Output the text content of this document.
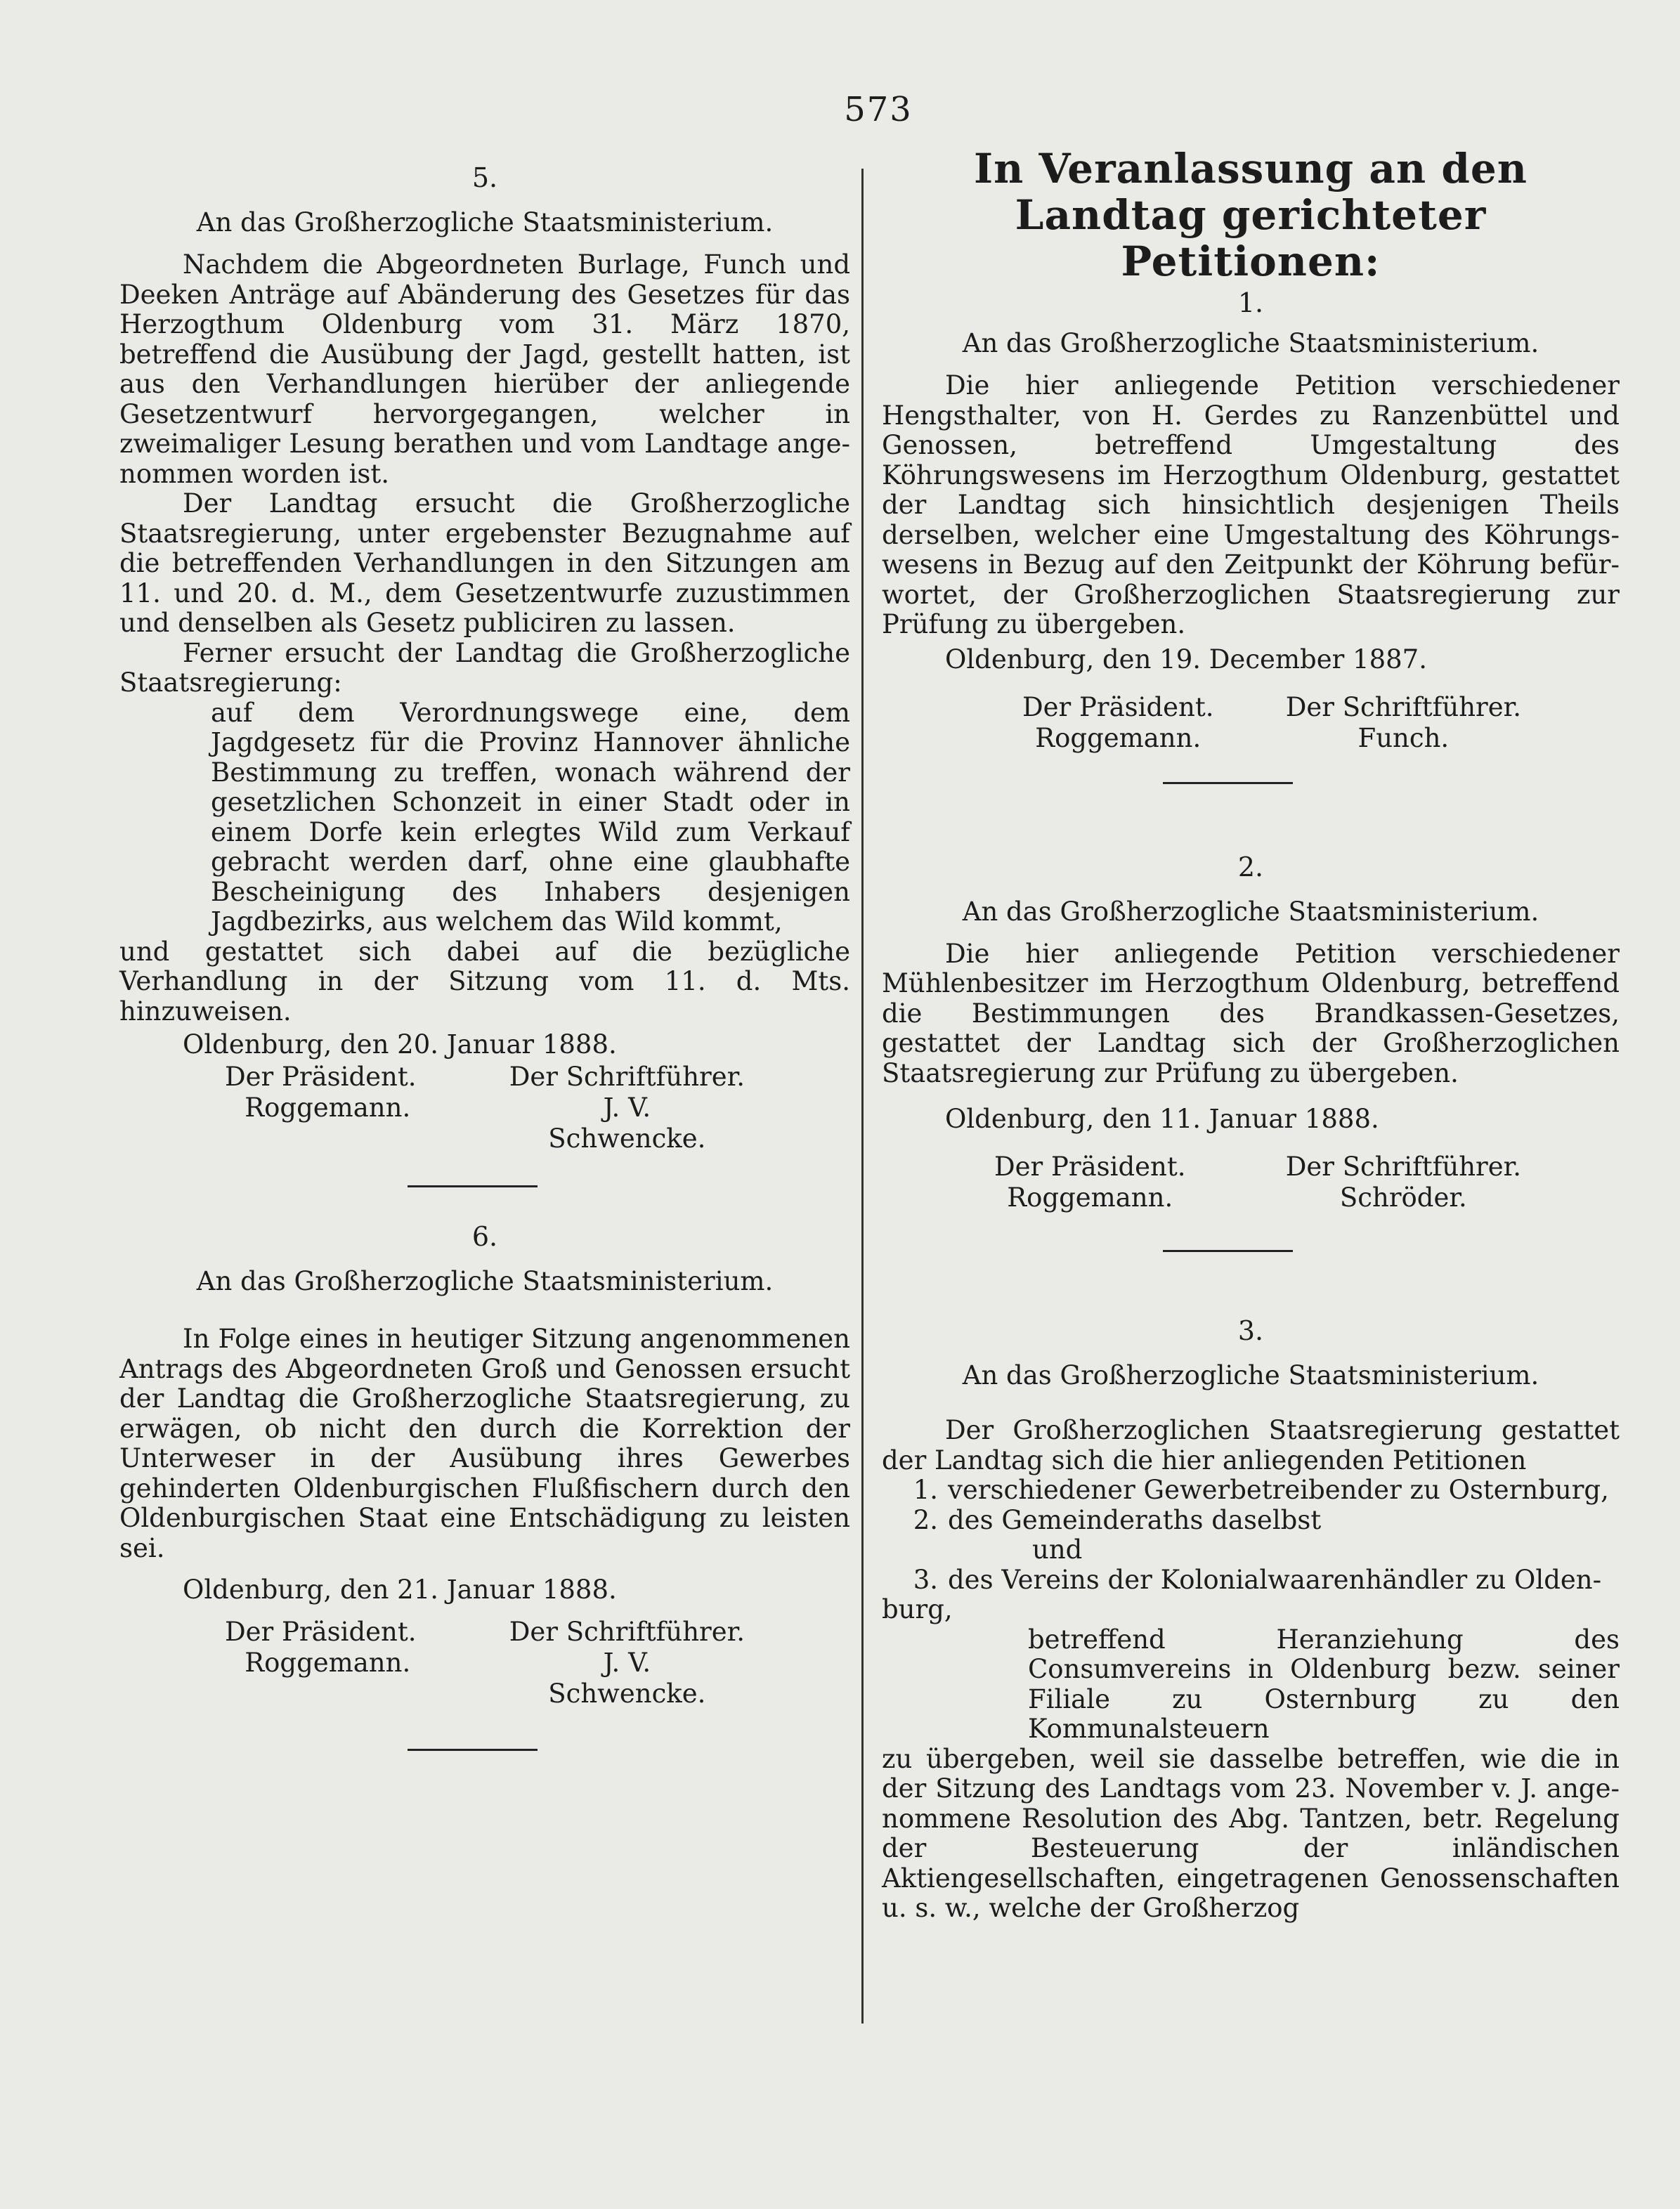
573
5.
An das Großherzogliche Staatsministerium.

Nachdem die Abgeordneten Burlage, Funch und Deeken Anträge auf Abänderung des Gesetzes für das Herzogthum Oldenburg vom 31. März 1870, betreffend die Ausübung der Jagd, gestellt hatten, ist aus den Verhandlungen hierüber der anliegende Gesetzentwurf hervorgegangen, welcher in zweimaliger Lesung berathen und vom Landtage angenommen worden ist.

Der Landtag ersucht die Großherzogliche Staatsregierung, unter ergebenster Bezugnahme auf die betreffenden Verhandlungen in den Sitzungen am 11. und 20. d. M., dem Gesetzentwurfe zuzustimmen und denselben als Gesetz publiciren zu lassen.

Ferner ersucht der Landtag die Großherzogliche Staatsregierung:

auf dem Verordnungswege eine, dem Jagdgesetz für die Provinz Hannover ähnliche Bestimmung zu treffen, wonach während der gesetzlichen Schonzeit in einer Stadt oder in einem Dorfe kein erlegtes Wild zum Verkauf gebracht werden darf, ohne eine glaubhafte Bescheinigung des Inhabers desjenigen Jagdbezirks, aus welchem das Wild kommt,

und gestattet sich dabei auf die bezügliche Verhandlung in der Sitzung vom 11. d. Mts. hinzuweisen.

Oldenburg, den 20. Januar 1888.
Der Präsident.
Roggemann.
Der Schriftführer.
J. V.
Schwencke.
6.
An das Großherzogliche Staatsministerium.

In Folge eines in heutiger Sitzung angenommenen Antrags des Abgeordneten Groß und Genossen ersucht der Landtag die Großherzogliche Staatsregierung, zu erwägen, ob nicht den durch die Korrektion der Unterweser in der Ausübung ihres Gewerbes gehinderten Oldenburgischen Flußfischern durch den Oldenburgischen Staat eine Entschädigung zu leisten sei.

Oldenburg, den 21. Januar 1888.
Der Präsident.
Roggemann.
Der Schriftführer.
J. V.
Schwencke.
In Veranlassung an den Landtag gerichteter Petitionen:
1.
An das Großherzogliche Staatsministerium.

Die hier anliegende Petition verschiedener Hengsthalter, von H. Gerdes zu Ranzenbüttel und Genossen, betreffend Umgestaltung des Köhrungswesens im Herzogthum Oldenburg, gestattet der Landtag sich hinsichtlich desjenigen Theils derselben, welcher eine Umgestaltung des Köhrungswesens in Bezug auf den Zeitpunkt der Köhrung befürwortet, der Großherzoglichen Staatsregierung zur Prüfung zu übergeben.

Oldenburg, den 19. December 1887.
Der Präsident.
Roggemann.
Der Schriftführer.
Funch.
2.
An das Großherzogliche Staatsministerium.

Die hier anliegende Petition verschiedener Mühlenbesitzer im Herzogthum Oldenburg, betreffend die Bestimmungen des Brandkassen-Gesetzes, gestattet der Landtag sich der Großherzoglichen Staatsregierung zur Prüfung zu übergeben.

Oldenburg, den 11. Januar 1888.
Der Präsident.
Roggemann.
Der Schriftführer.
Schröder.
3.
An das Großherzogliche Staatsministerium.

Der Großherzoglichen Staatsregierung gestattet der Landtag sich die hier anliegenden Petitionen

1. verschiedener Gewerbetreibender zu Osternburg,
2. des Gemeinderaths daselbst
und
3. des Vereins der Kolonialwaarenhändler zu Oldenburg,

betreffend Heranziehung des Consumvereins in Oldenburg bezw. seiner Filiale zu Osternburg zu den Kommunalsteuern

zu übergeben, weil sie dasselbe betreffen, wie die in der Sitzung des Landtags vom 23. November v. J. angenommene Resolution des Abg. Tantzen, betr. Regelung der Besteuerung der inländischen Aktiengesellschaften, eingetragenen Genossenschaften u. s. w., welche der Großherzog
